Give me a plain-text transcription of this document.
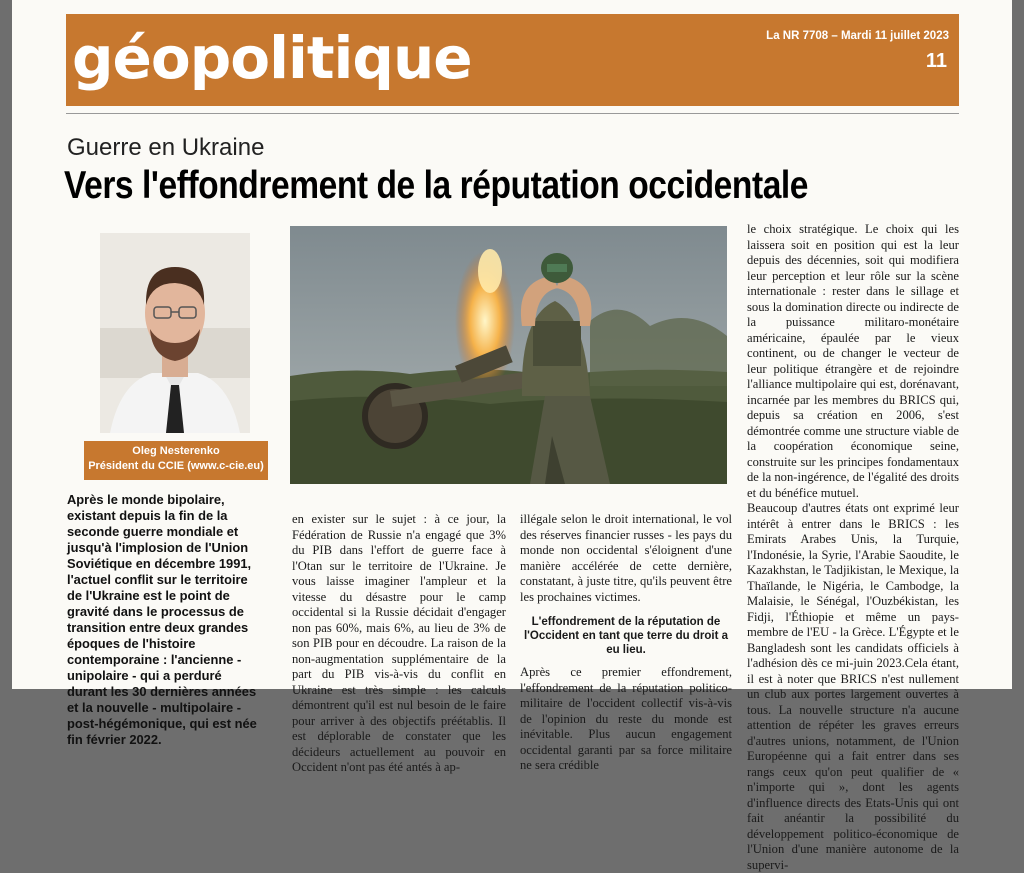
géopolitique	La NR 7708 – Mardi 11 juillet 2023
11
Guerre en Ukraine
Vers l'effondrement de la réputation occidentale
Oleg Nesterenko
Président du CCIE (www.c-cie.eu)
Après le monde bipolaire, existant depuis la fin de la seconde guerre mondiale et jusqu'à l'implosion de l'Union Soviétique en décembre 1991, l'actuel conflit sur le territoire de l'Ukraine est le point de gravité dans le processus de transition entre deux grandes époques de l'histoire contemporaine : l'ancienne - unipolaire - qui a perduré durant les 30 dernières années et la nouvelle - multipolaire - post-hégémonique, qui est née fin février 2022.

en exister sur le sujet : à ce jour, la Fédération de Russie n'a engagé que 3% du PIB dans l'effort de guerre face à l'Otan sur le territoire de l'Ukraine. Je vous laisse imaginer l'ampleur et la vitesse du désastre pour le camp occidental si la Russie décidait d'engager non pas 60%, mais 6%, au lieu de 3% de son PIB pour en découdre. La raison de la non-augmentation supplémentaire de la part du PIB vis-à-vis du conflit en Ukraine est très simple : les calculs démontrent qu'il est nul besoin de le faire pour arriver à des objectifs préétablis. Il est déplorable de constater que les décideurs actuellement au pouvoir en Occident n'ont pas été antés à ap-

illégale selon le droit international, le vol des réserves financier russes - les pays du monde non occidental s'éloignent d'une manière accélérée de cette dernière, constatant, à juste titre, qu'ils peuvent être les prochaines victimes.

L'effondrement de la réputation de l'Occident en tant que terre du droit a eu lieu.

Après ce premier effondrement, l'effondrement de la réputation politico-militaire de l'occident collectif vis-à-vis de l'opinion du reste du monde est inévitable. Plus aucun engagement occidental garanti par sa force militaire ne sera crédible

le choix stratégique. Le choix qui les laissera soit en position qui est la leur depuis des décennies, soit qui modifiera leur perception et leur rôle sur la scène internationale : rester dans le sillage et sous la domination directe ou indirecte de la puissance militaro-monétaire américaine, épaulée par le vieux continent, ou de changer le vecteur de leur politique étrangère et de rejoindre l'alliance multipolaire qui est, dorénavant, incarnée par les membres du BRICS qui, depuis sa création en 2006, s'est démontrée comme une structure viable de la coopération économique seine, construite sur les principes fondamentaux de la non-ingérence, de l'égalité des droits et du bénéfice mutuel.

Beaucoup d'autres états ont exprimé leur intérêt à entrer dans le BRICS : les Emirats Arabes Unis, la Turquie, l'Indonésie, la Syrie, l'Arabie Saoudite, le Kazakhstan, le Tadjikistan, le Mexique, la Thaïlande, le Nigéria, le Cambodge, la Malaisie, le Sénégal, l'Ouzbékistan, les Fidji, l'Éthiopie et même un pays-membre de l'EU - la Grèce. L'Égypte et le Bangladesh sont les candidats officiels à l'adhésion dès ce mi-juin 2023.Cela étant, il est à noter que BRICS n'est nullement un club aux portes largement ouvertes à tous. La nouvelle structure n'a aucune attention de répéter les graves erreurs d'autres unions, notamment, de l'Union Européenne qui a fait entrer dans ses rangs ceux qu'on peut qualifier de « n'importe qui », dont les agents d'influence directs des Etats-Unis qui ont fait anéantir la possibilité du développement politico-économique de l'Union d'une manière autonome de la supervi-
